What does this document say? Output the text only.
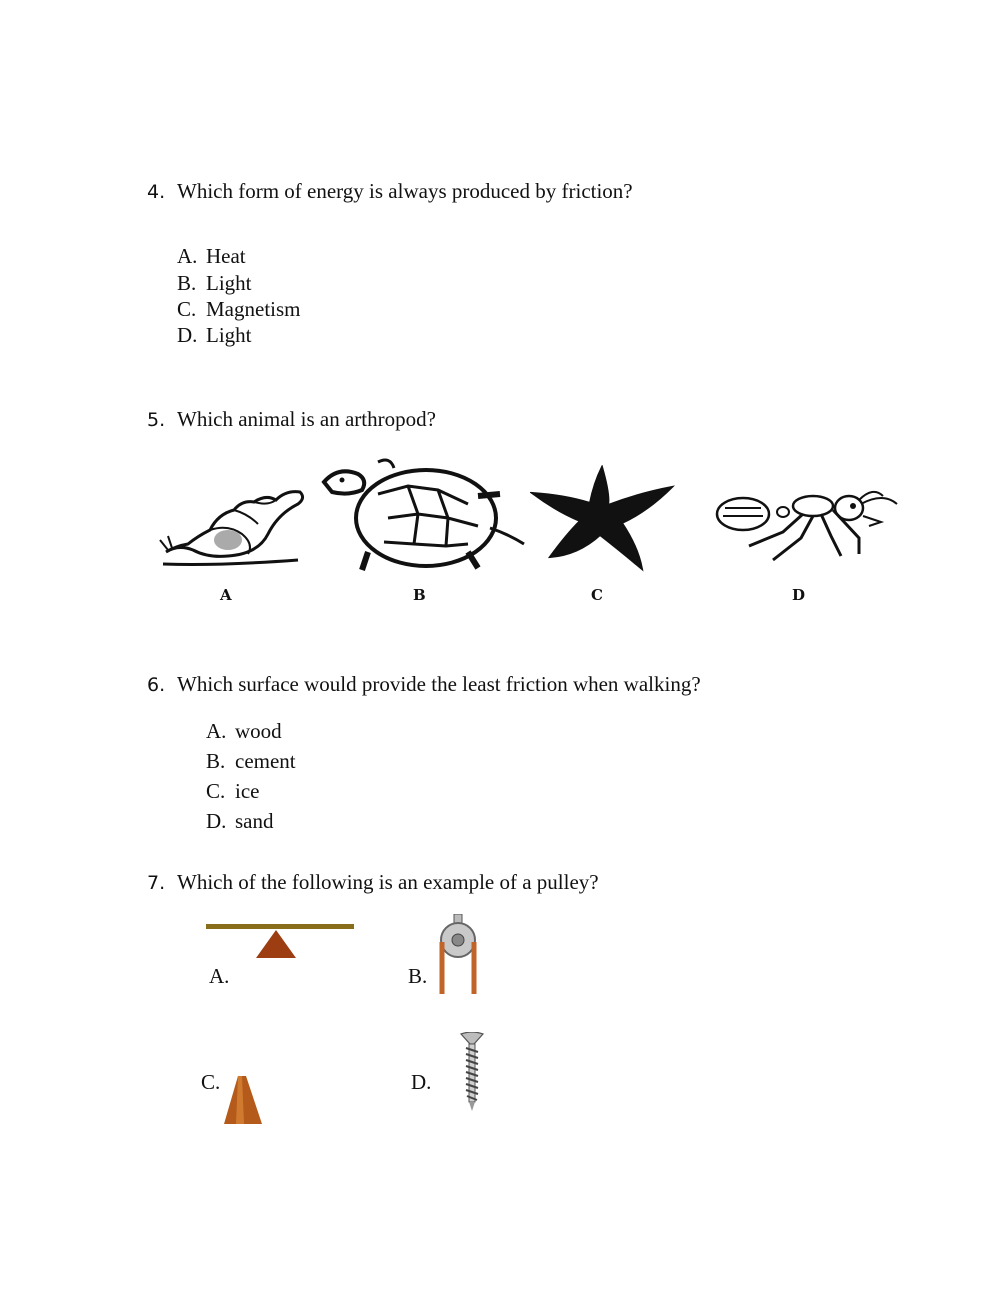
4. Which form of energy is always produced by friction?
A. Heat
B. Light
C. Magnetism
D. Light
5. Which animal is an arthropod?
A	B	C	D
6. Which surface would provide the least friction when walking?
A. wood
B. cement
C. ice
D. sand
7. Which of the following is an example of a pulley?
A.	B.
C.	D.
